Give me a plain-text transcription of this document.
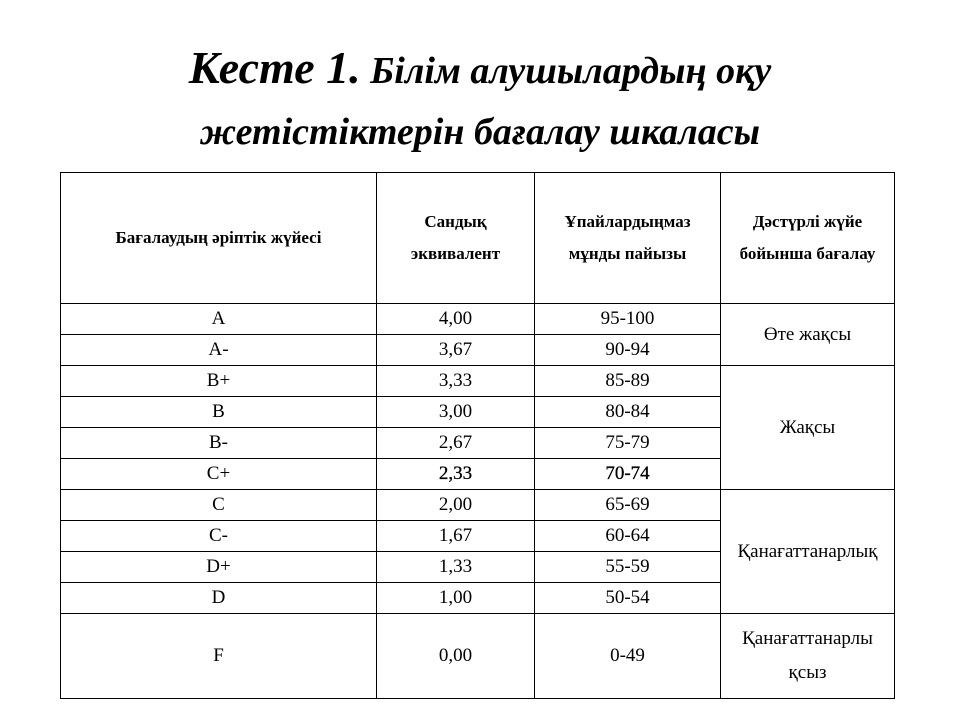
Кесте 1. Білім алушылардың оқу
жетістіктерін бағалау шкаласы
Бағалаудың әріптік жүйесі	Сандық эквивалент	Ұпайлардыңмаз мұнды пайызы	Дәстүрлі жүйе бойынша бағалау
A	4,00	95-100	Өте жақсы
A-	3,67	90-94	
B+	3,33	85-89	Жақсы
B	3,00	80-84	
B-	2,67	75-79	
C+	2,33	70-74	
C	2,00	65-69	Қанағаттанарлық
C-	1,67	60-64	
D+	1,33	55-59	
D	1,00	50-54	
F	0,00	0-49	Қанағаттанарлы қсыз
